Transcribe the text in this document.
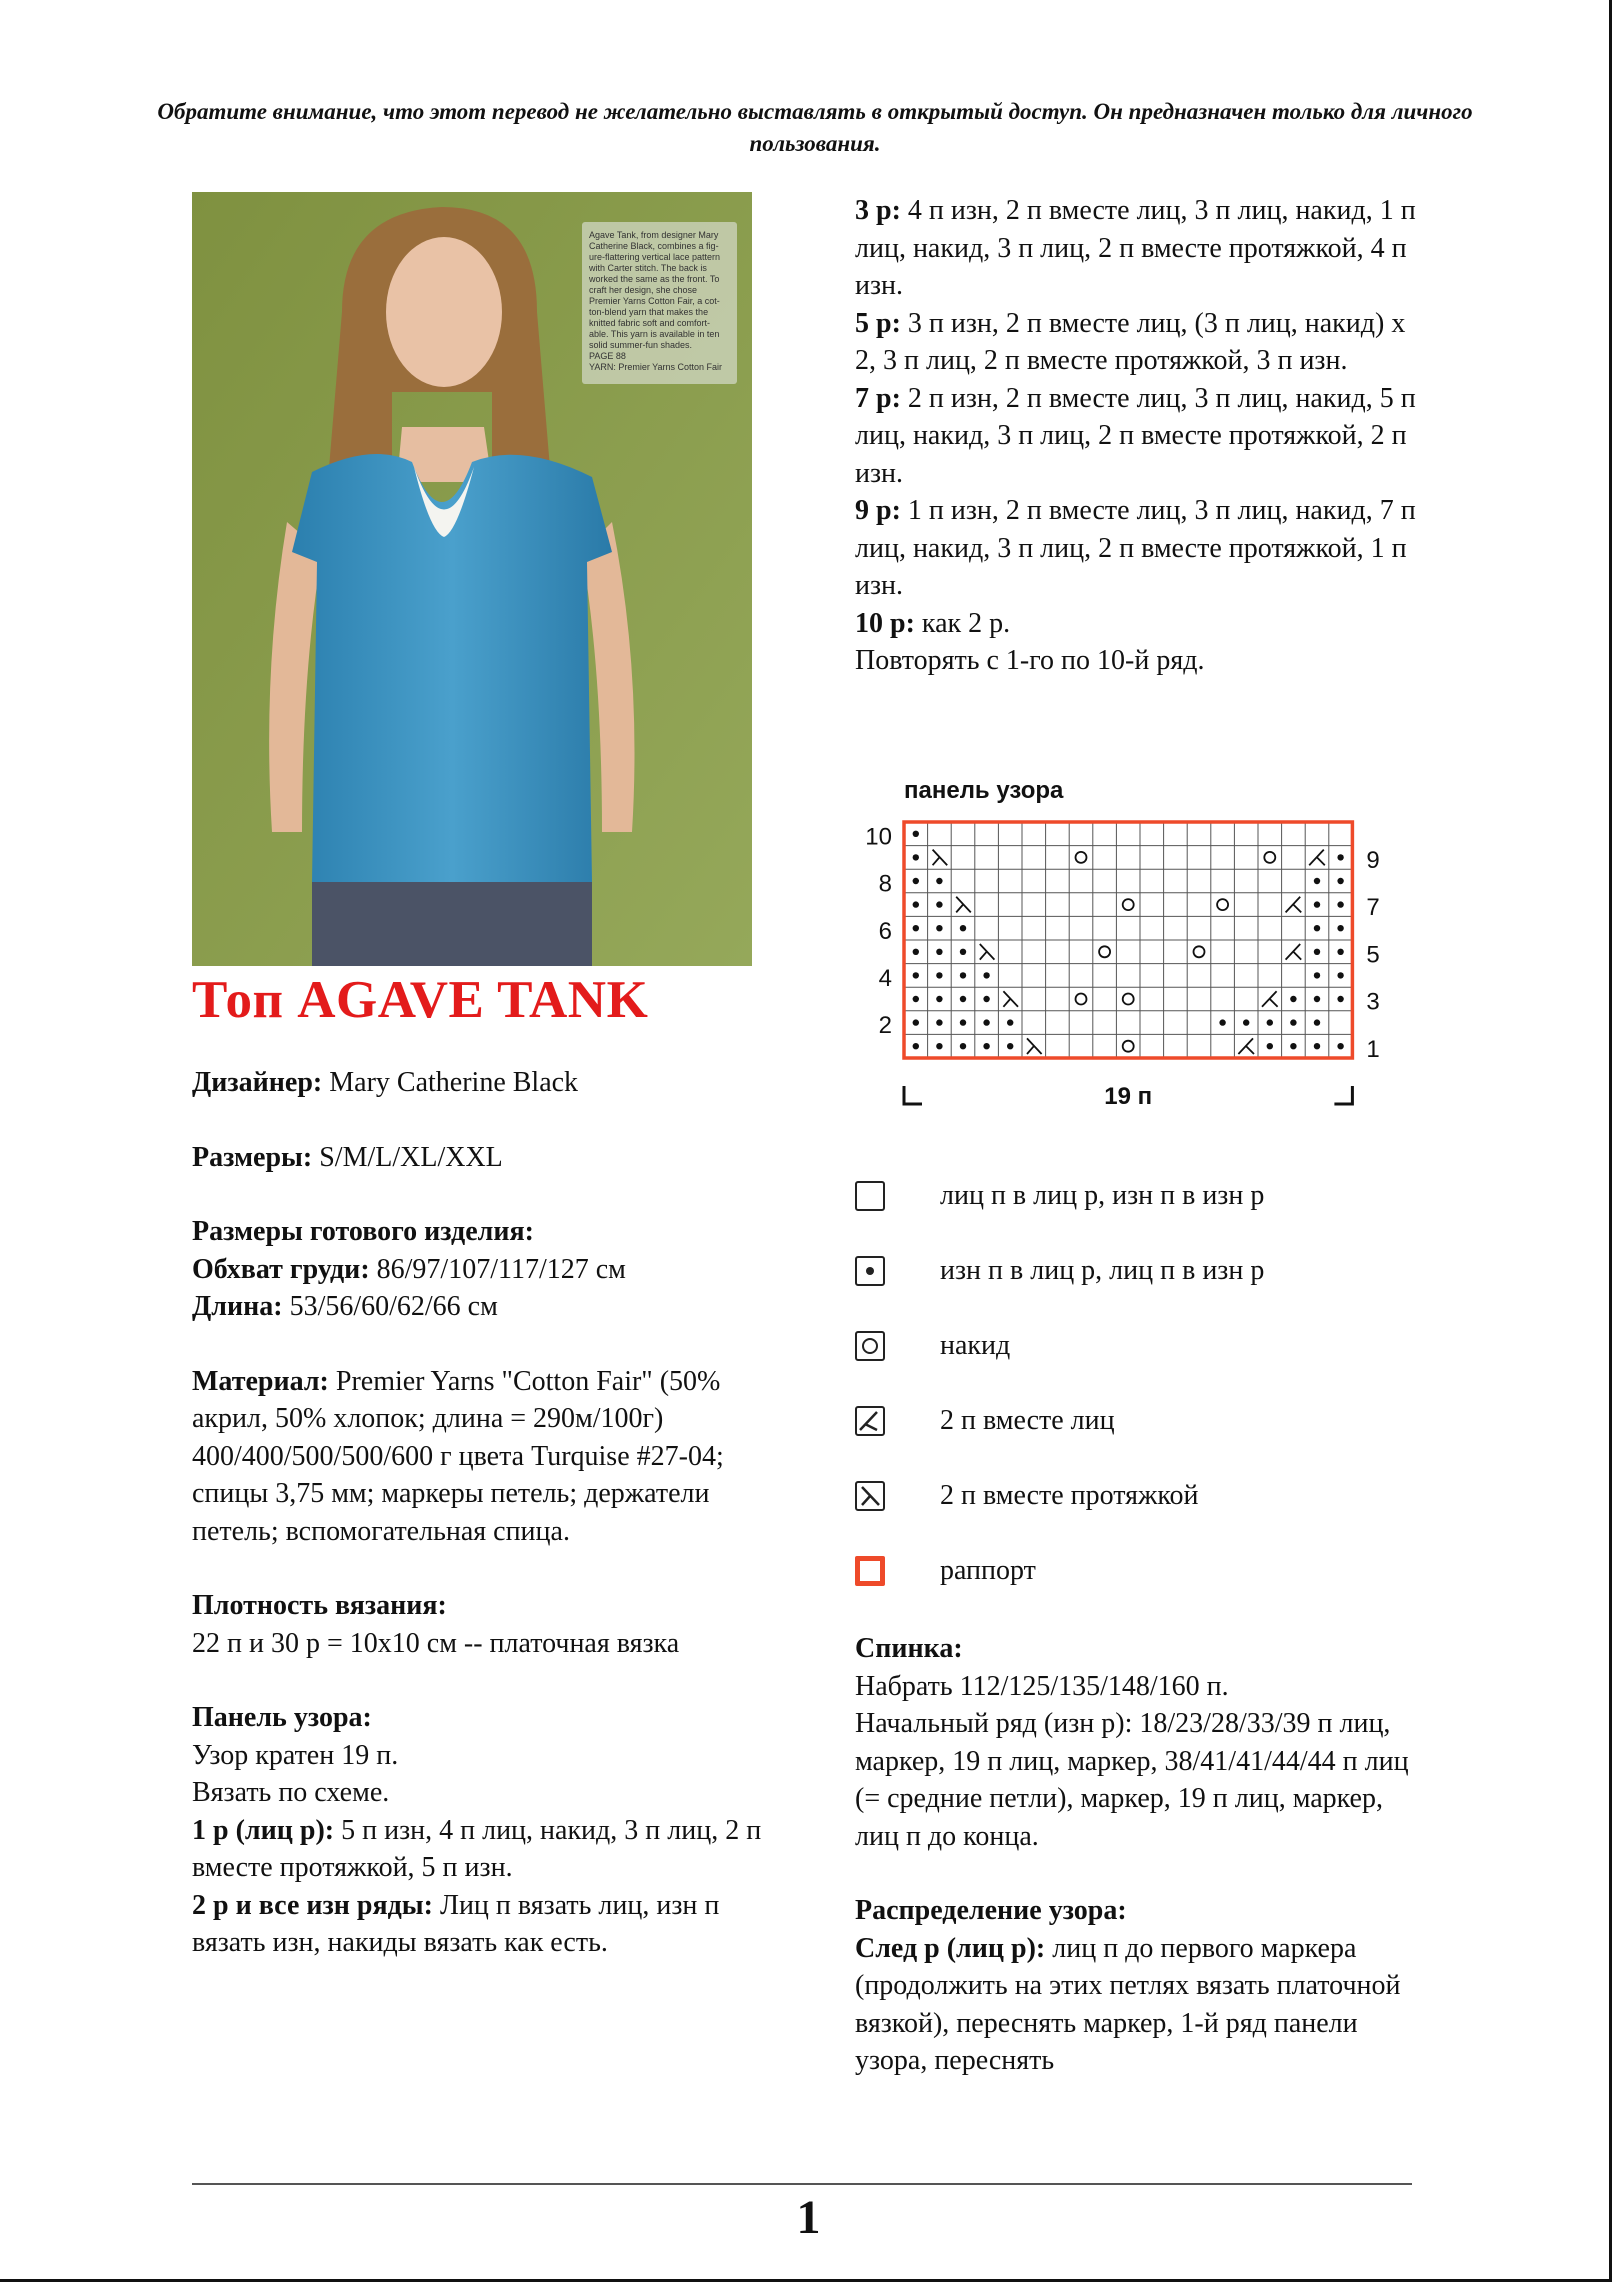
Обратите внимание, что этот перевод не желательно выставлять в открытый доступ. Он предназначен только для личного пользования.
Agave Tank, from designer Mary
Catherine Black, combines a fig-
ure-flattering vertical lace pattern
with Carter stitch. The back is
worked the same as the front. To
craft her design, she chose
Premier Yarns Cotton Fair, a cot-
ton-blend yarn that makes the
knitted fabric soft and comfort-
able. This yarn is available in ten
solid summer-fun shades.
PAGE 88
YARN: Premier Yarns Cotton Fair
Топ AGAVE TANK

Дизайнер: Mary Catherine Black

Размеры: S/M/L/XL/XXL

Размеры готового изделия:

Обхват груди: 86/97/107/117/127 см

Длина: 53/56/60/62/66 см

Материал: Premier Yarns "Cotton Fair" (50% акрил, 50% хлопок; длина = 290м/100г) 400/400/500/500/600 г цвета Turquise #27-04; спицы 3,75 мм; маркеры петель; держатели петель; вспомогательная спица.

Плотность вязания:

22 п и 30 р = 10х10 см -- платочная вязка

Панель узора:

Узор кратен 19 п.

Вязать по схеме.

1 р (лиц р): 5 п изн, 4 п лиц, накид, 3 п лиц, 2 п вместе протяжкой, 5 п изн.

2 р и все изн ряды: Лиц п вязать лиц, изн п вязать изн, накиды вязать как есть.

3 р: 4 п изн, 2 п вместе лиц, 3 п лиц, накид, 1 п лиц, накид, 3 п лиц, 2 п вместе протяжкой, 4 п изн.

5 р: 3 п изн, 2 п вместе лиц, (3 п лиц, накид) х 2, 3 п лиц, 2 п вместе протяжкой, 3 п изн.

7 р: 2 п изн, 2 п вместе лиц, 3 п лиц, накид, 5 п лиц, накид, 3 п лиц, 2 п вместе протяжкой, 2 п изн.

9 р: 1 п изн, 2 п вместе лиц, 3 п лиц, накид, 7 п лиц, накид, 3 п лиц, 2 п вместе протяжкой, 1 п изн.

10 р: как 2 р.

Повторять с 1-го по 10-й ряд.

панель узора
10
8
6
4
2
9
7
5
3
1
19 п
лиц п в лиц р, изн п в изн р
изн п в лиц р, лиц п в изн р
накид
2 п вместе лиц
2 п вместе протяжкой
раппорт

Спинка:

Набрать 112/125/135/148/160 п.

Начальный ряд (изн р): 18/23/28/33/39 п лиц, маркер, 19 п лиц, маркер, 38/41/41/44/44 п лиц (= средние петли), маркер, 19 п лиц, маркер, лиц п до конца.

Распределение узора:

След р (лиц р): лиц п до первого маркера (продолжить на этих петлях вязать платочной вязкой), переснять маркер, 1-й ряд панели узора, переснять

1
